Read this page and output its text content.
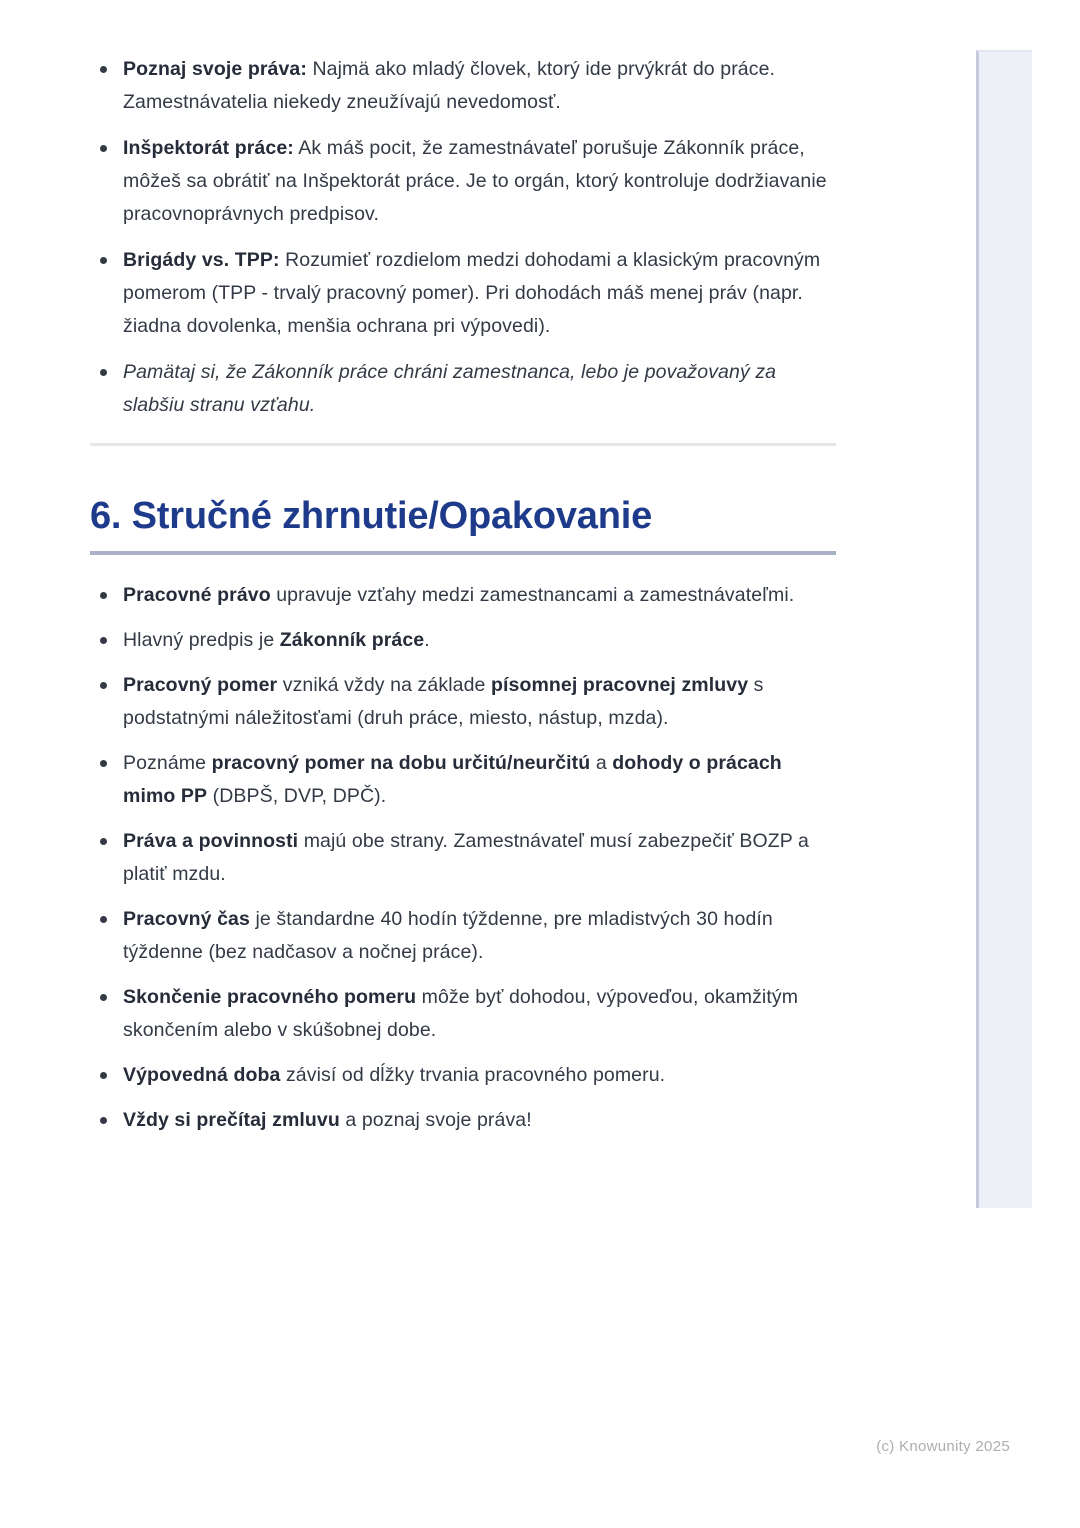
Poznaj svoje práva: Najmä ako mladý človek, ktorý ide prvýkrát do práce. Zamestnávatelia niekedy zneužívajú nevedomosť.
Inšpektorát práce: Ak máš pocit, že zamestnávateľ porušuje Zákonník práce, môžeš sa obrátiť na Inšpektorát práce. Je to orgán, ktorý kontroluje dodržiavanie pracovnoprávnych predpisov.
Brigády vs. TPP: Rozumieť rozdielom medzi dohodami a klasickým pracovným pomerom (TPP - trvalý pracovný pomer). Pri dohodách máš menej práv (napr. žiadna dovolenka, menšia ochrana pri výpovedi).
Pamätaj si, že Zákonník práce chráni zamestnanca, lebo je považovaný za slabšiu stranu vzťahu.
6. Stručné zhrnutie/Opakovanie
Pracovné právo upravuje vzťahy medzi zamestnancami a zamestnávateľmi.
Hlavný predpis je Zákonník práce.
Pracovný pomer vzniká vždy na základe písomnej pracovnej zmluvy s podstatnými náležitosťami (druh práce, miesto, nástup, mzda).
Poznáme pracovný pomer na dobu určitú/neurčitú a dohody o prácach mimo PP (DBPŠ, DVP, DPČ).
Práva a povinnosti majú obe strany. Zamestnávateľ musí zabezpečiť BOZP a platiť mzdu.
Pracovný čas je štandardne 40 hodín týždenne, pre mladistvých 30 hodín týždenne (bez nadčasov a nočnej práce).
Skončenie pracovného pomeru môže byť dohodou, výpoveďou, okamžitým skončením alebo v skúšobnej dobe.
Výpovedná doba závisí od dĺžky trvania pracovného pomeru.
Vždy si prečítaj zmluvu a poznaj svoje práva!
(c) Knowunity 2025
